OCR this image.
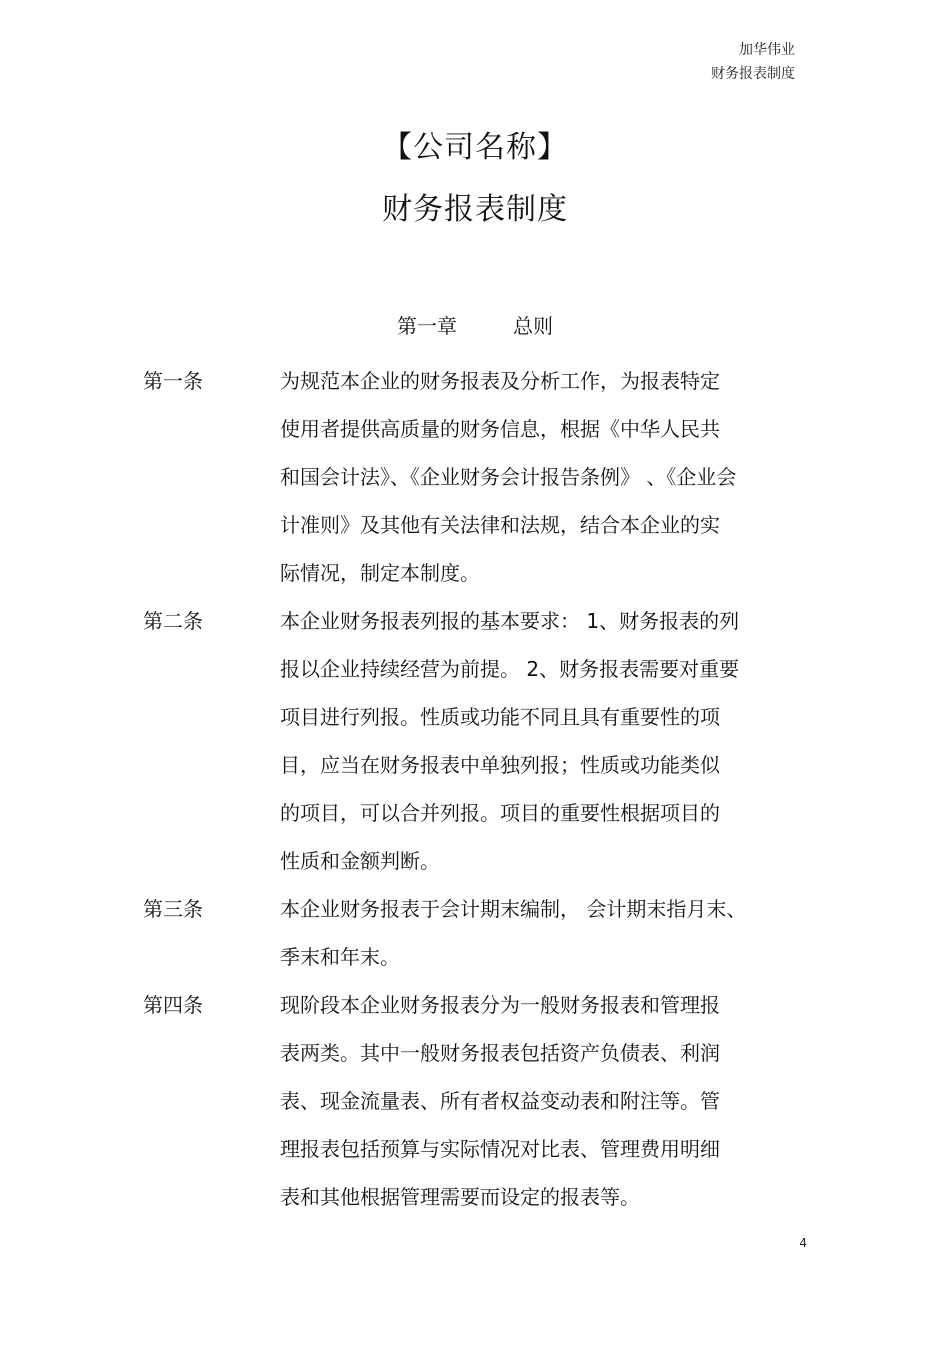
加华伟业
财务报表制度
【公司名称】
财务报表制度
第一章	总则
第一条	为规范本企业的财务报表及分析工作，为报表特定
使用者提供高质量的财务信息，根据《中华人民共
和国会计法》、《企业财务会计报告条例》 、《企业会
计准则》及其他有关法律和法规，结合本企业的实
际情况，制定本制度。
第二条	本企业财务报表列报的基本要求： 1、财务报表的列
报以企业持续经营为前提。 2、财务报表需要对重要
项目进行列报。性质或功能不同且具有重要性的项
目，应当在财务报表中单独列报；性质或功能类似
的项目，可以合并列报。项目的重要性根据项目的
性质和金额判断。
第三条	本企业财务报表于会计期末编制， 会计期末指月末、
季末和年末。
第四条	现阶段本企业财务报表分为一般财务报表和管理报
表两类。其中一般财务报表包括资产负债表、利润
表、现金流量表、所有者权益变动表和附注等。管
理报表包括预算与实际情况对比表、管理费用明细
表和其他根据管理需要而设定的报表等。
4
